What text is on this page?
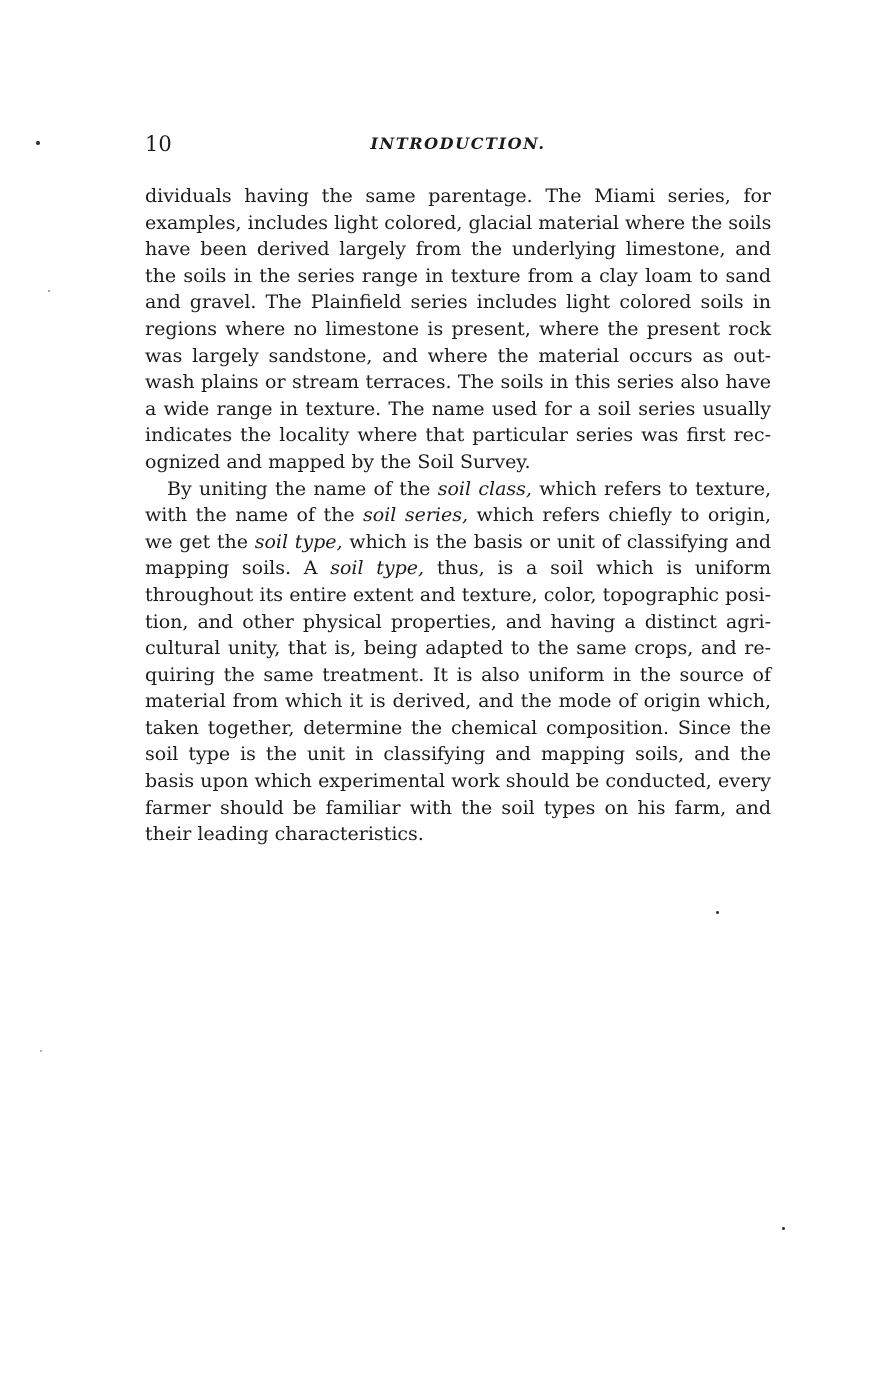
10	INTRODUCTION.

dividuals having the same parentage. The Miami series, for
examples, includes light colored, glacial material where the soils
have been derived largely from the underlying limestone, and
the soils in the series range in texture from a clay loam to sand
and gravel. The Plainfield series includes light colored soils in
regions where no limestone is present, where the present rock
was largely sandstone, and where the material occurs as out-
wash plains or stream terraces. The soils in this series also have
a wide range in texture. The name used for a soil series usually
indicates the locality where that particular series was first rec-
ognized and mapped by the Soil Survey.

By uniting the name of the soil class, which refers to texture,
with the name of the soil series, which refers chiefly to origin,
we get the soil type, which is the basis or unit of classifying and
mapping soils. A soil type, thus, is a soil which is uniform
throughout its entire extent and texture, color, topographic posi-
tion, and other physical properties, and having a distinct agri-
cultural unity, that is, being adapted to the same crops, and re-
quiring the same treatment. It is also uniform in the source of
material from which it is derived, and the mode of origin which,
taken together, determine the chemical composition. Since the
soil type is the unit in classifying and mapping soils, and the
basis upon which experimental work should be conducted, every
farmer should be familiar with the soil types on his farm, and
their leading characteristics.
